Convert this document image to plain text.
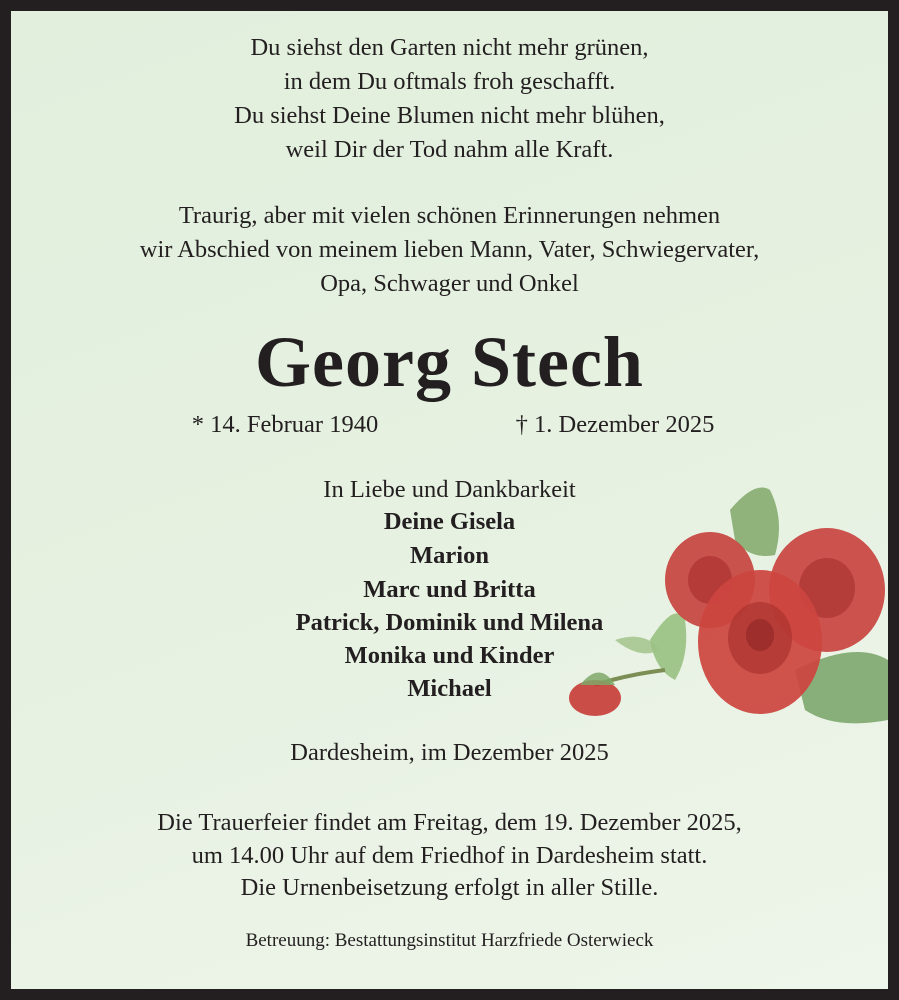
Du siehst den Garten nicht mehr grünen,
in dem Du oftmals froh geschafft.
Du siehst Deine Blumen nicht mehr blühen,
weil Dir der Tod nahm alle Kraft.
Traurig, aber mit vielen schönen Erinnerungen nehmen
wir Abschied von meinem lieben Mann, Vater, Schwiegervater,
Opa, Schwager und Onkel
Georg Stech
* 14. Februar 1940	† 1. Dezember 2025
In Liebe und Dankbarkeit
Deine Gisela
Marion
Marc und Britta
Patrick, Dominik und Milena
Monika und Kinder
Michael
Dardesheim, im Dezember 2025
Die Trauerfeier findet am Freitag, dem 19. Dezember 2025,
um 14.00 Uhr auf dem Friedhof in Dardesheim statt.
Die Urnenbeisetzung erfolgt in aller Stille.
Betreuung: Bestattungsinstitut Harzfriede Osterwieck
